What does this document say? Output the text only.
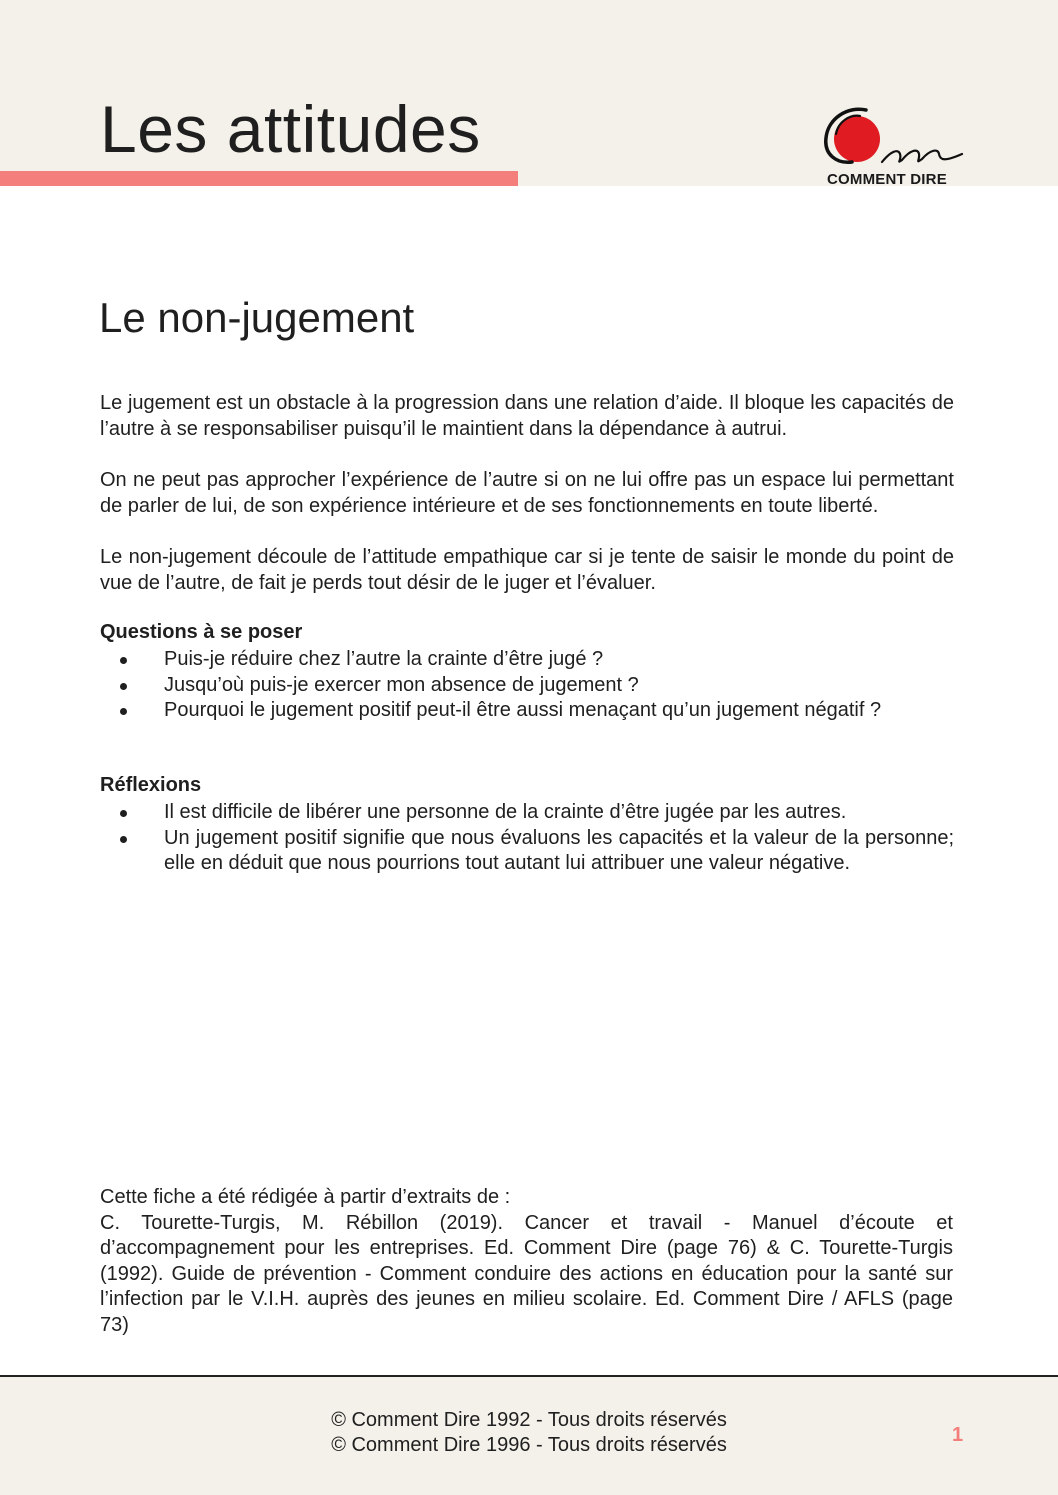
Les attitudes
COMMENT DIRE
Le non-jugement

Le jugement est un obstacle à la progression dans une relation d’aide. Il bloque les capacités de l’autre à se responsabiliser puisqu’il le maintient dans la dépendance à autrui.

On ne peut pas approcher l’expérience de l’autre si on ne lui offre pas un espace lui permettant de parler de lui, de son expérience intérieure et de ses fonctionnements en toute liberté.

Le non-jugement découle de l’attitude empathique car si je tente de saisir le monde du point de vue de l’autre, de fait je perds tout désir de le juger et l’évaluer.

Questions à se poser
Puis-je réduire chez l’autre la crainte d’être jugé ?
Jusqu’où puis-je exercer mon absence de jugement ?
Pourquoi le jugement positif peut-il être aussi menaçant qu’un jugement négatif ?
Réflexions
Il est difficile de libérer une personne de la crainte d’être jugée par les autres.
Un jugement positif signifie que nous évaluons les capacités et la valeur de la personne; elle en déduit que nous pourrions tout autant lui attribuer une valeur négative.

Cette fiche a été rédigée à partir d’extraits de :

C. Tourette-Turgis, M. Rébillon (2019). Cancer et travail - Manuel d’écoute et d’accompagnement pour les entreprises. Ed. Comment Dire (page 76) & C. Tourette-Turgis (1992). Guide de prévention - Comment conduire des actions en éducation pour la santé sur l’infection par le V.I.H. auprès des jeunes en milieu scolaire. Ed. Comment Dire / AFLS (page 73)

© Comment Dire 1992 - Tous droits réservés

© Comment Dire 1996 - Tous droits réservés	1
